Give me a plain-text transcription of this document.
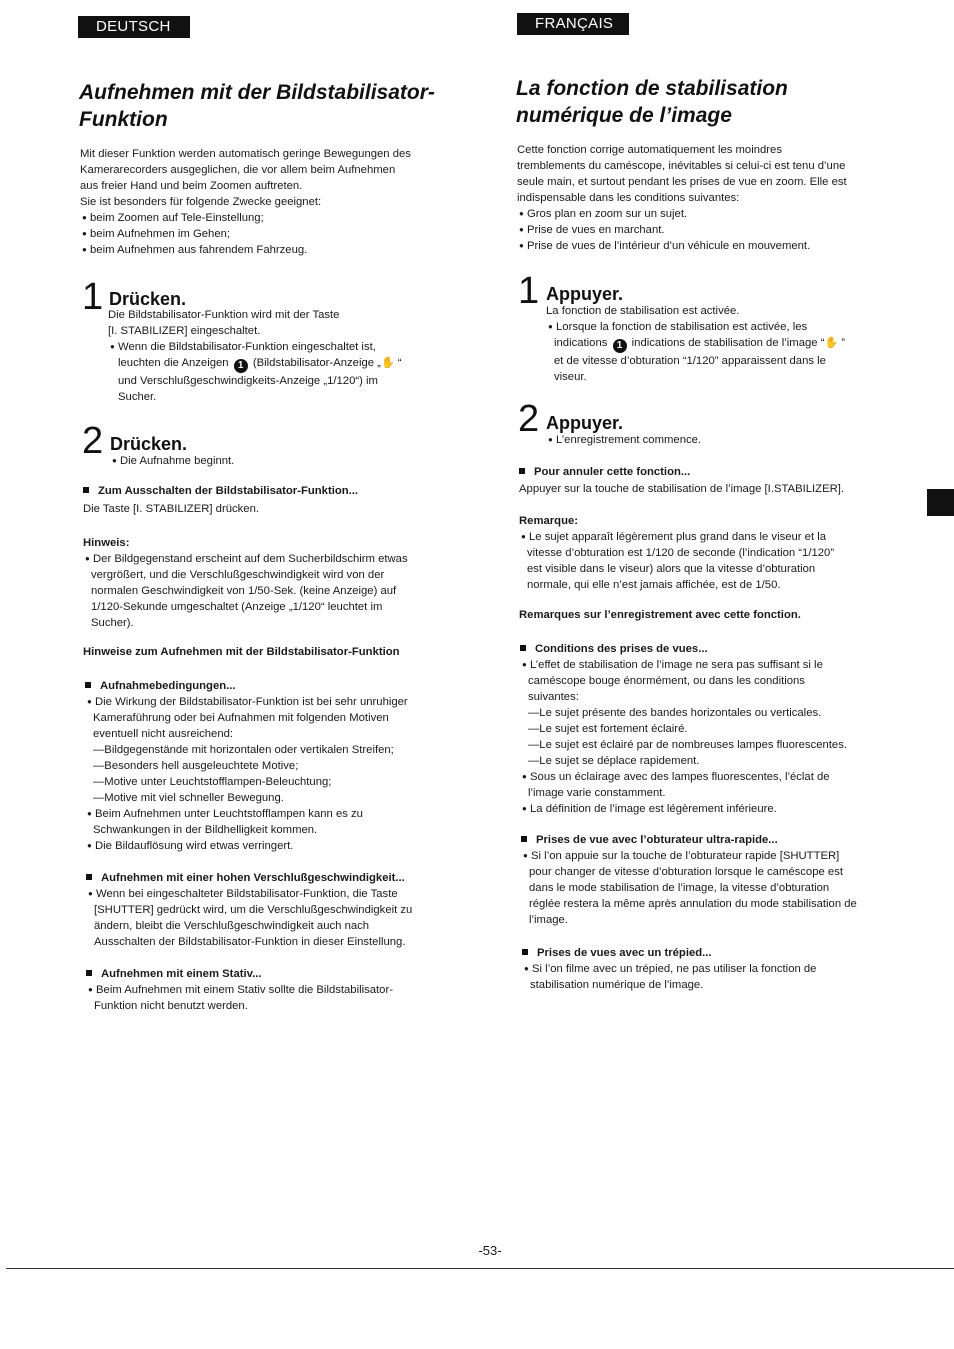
DEUTSCH
Aufnehmen mit der Bildstabilisator-
Funktion

Mit dieser Funktion werden automatisch geringe Bewegungen des

Kamerarecorders ausgeglichen, die vor allem beim Aufnehmen

aus freier Hand und beim Zoomen auftreten.

Sie ist besonders für folgende Zwecke geeignet:

● beim Zoomen auf Tele-Einstellung;

● beim Aufnehmen im Gehen;

● beim Aufnehmen aus fahrendem Fahrzeug.

1 Drücken.

Die Bildstabilisator-Funktion wird mit der Taste

[I. STABILIZER] eingeschaltet.

● Wenn die Bildstabilisator-Funktion eingeschaltet ist,

leuchten die Anzeigen 1 (Bildstabilisator-Anzeige „✋ “

und Verschlußgeschwindigkeits-Anzeige „1/120“) im

Sucher.

2 Drücken.

● Die Aufnahme beginnt.

Zum Ausschalten der Bildstabilisator-Funktion...

Die Taste [I. STABILIZER] drücken.

Hinweis:

● Der Bildgegenstand erscheint auf dem Sucherbildschirm etwas

vergrößert, und die Verschlußgeschwindigkeit wird von der

normalen Geschwindigkeit von 1/50-Sek. (keine Anzeige) auf

1/120-Sekunde umgeschaltet (Anzeige „1/120“ leuchtet im

Sucher).

Hinweise zum Aufnehmen mit der Bildstabilisator-Funktion

Aufnahmebedingungen...

● Die Wirkung der Bildstabilisator-Funktion ist bei sehr unruhiger

Kameraführung oder bei Aufnahmen mit folgenden Motiven

eventuell nicht ausreichend:

—Bildgegenstände mit horizontalen oder vertikalen Streifen;

—Besonders hell ausgeleuchtete Motive;

—Motive unter Leuchtstofflampen-Beleuchtung;

—Motive mit viel schneller Bewegung.

● Beim Aufnehmen unter Leuchtstofflampen kann es zu

Schwankungen in der Bildhelligkeit kommen.

● Die Bildauflösung wird etwas verringert.

Aufnehmen mit einer hohen Verschlußgeschwindigkeit...

● Wenn bei eingeschalteter Bildstabilisator-Funktion, die Taste

[SHUTTER] gedrückt wird, um die Verschlußgeschwindigkeit zu

ändern, bleibt die Verschlußgeschwindigkeit auch nach

Ausschalten der Bildstabilisator-Funktion in dieser Einstellung.

Aufnehmen mit einem Stativ...

● Beim Aufnehmen mit einem Stativ sollte die Bildstabilisator-

Funktion nicht benutzt werden.

FRANÇAIS
La fonction de stabilisation
numérique de l’image

Cette fonction corrige automatiquement les moindres

tremblements du caméscope, inévitables si celui-ci est tenu d’une

seule main, et surtout pendant les prises de vue en zoom. Elle est

indispensable dans les conditions suivantes:

● Gros plan en zoom sur un sujet.

● Prise de vues en marchant.

● Prise de vues de l’intérieur d’un véhicule en mouvement.

1 Appuyer.

La fonction de stabilisation est activée.

● Lorsque la fonction de stabilisation est activée, les

indications 1 indications de stabilisation de l’image “✋ ”

et de vitesse d’obturation “1/120” apparaissent dans le

viseur.

2 Appuyer.

● L’enregistrement commence.

Pour annuler cette fonction...

Appuyer sur la touche de stabilisation de l’image [I.STABILIZER].

Remarque:

● Le sujet apparaît légèrement plus grand dans le viseur et la

vitesse d’obturation est 1/120 de seconde (l’indication “1/120”

est visible dans le viseur) alors que la vitesse d’obturation

normale, qui elle n’est jamais affichée, est de 1/50.

Remarques sur l’enregistrement avec cette fonction.

Conditions des prises de vues...

● L’effet de stabilisation de l’image ne sera pas suffisant si le

caméscope bouge énormément, ou dans les conditions

suivantes:

—Le sujet présente des bandes horizontales ou verticales.

—Le sujet est fortement éclairé.

—Le sujet est éclairé par de nombreuses lampes fluorescentes.

—Le sujet se déplace rapidement.

● Sous un éclairage avec des lampes fluorescentes, l’éclat de

l’image varie constamment.

● La définition de l’image est légèrement inférieure.

Prises de vue avec l’obturateur ultra-rapide...

● Si l’on appuie sur la touche de l’obturateur rapide [SHUTTER]

pour changer de vitesse d’obturation lorsque le caméscope est

dans le mode stabilisation de l’image, la vitesse d’obturation

réglée restera la même après annulation du mode stabilisation de

l’image.

Prises de vues avec un trépied...

● Si l’on filme avec un trépied, ne pas utiliser la fonction de

stabilisation numérique de l’image.

-53-
